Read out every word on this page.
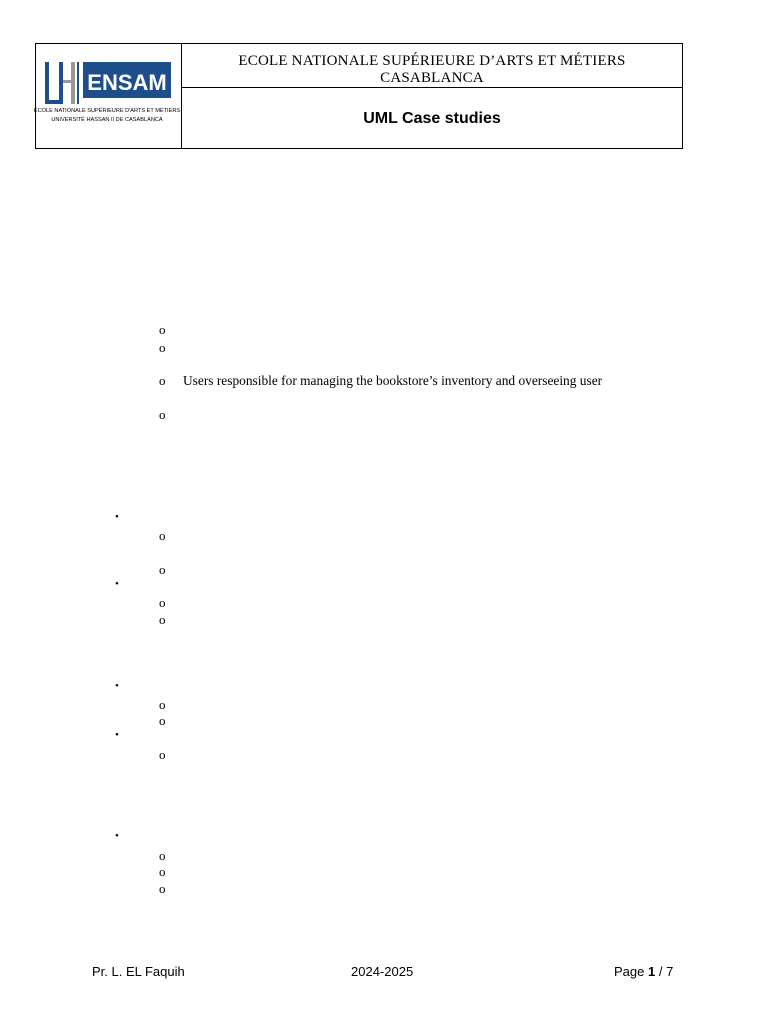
ENSAM
ÉCOLE NATIONALE SUPÉRIEURE D'ARTS ET MÉTIERS
UNIVERSITÉ HASSAN II DE CASABLANCA
ECOLE NATIONALE SUPÉRIEURE D’ARTS ET MÉTIERS
CASABLANCA
UML Case studies
o
o
o Users responsible for managing the bookstore’s inventory and overseeing user
o
•
o
o
•
o
o
•
o
o
•
o
•
o
o
o
Pr. L. EL Faquih	2024-2025	Page 1 / 7
